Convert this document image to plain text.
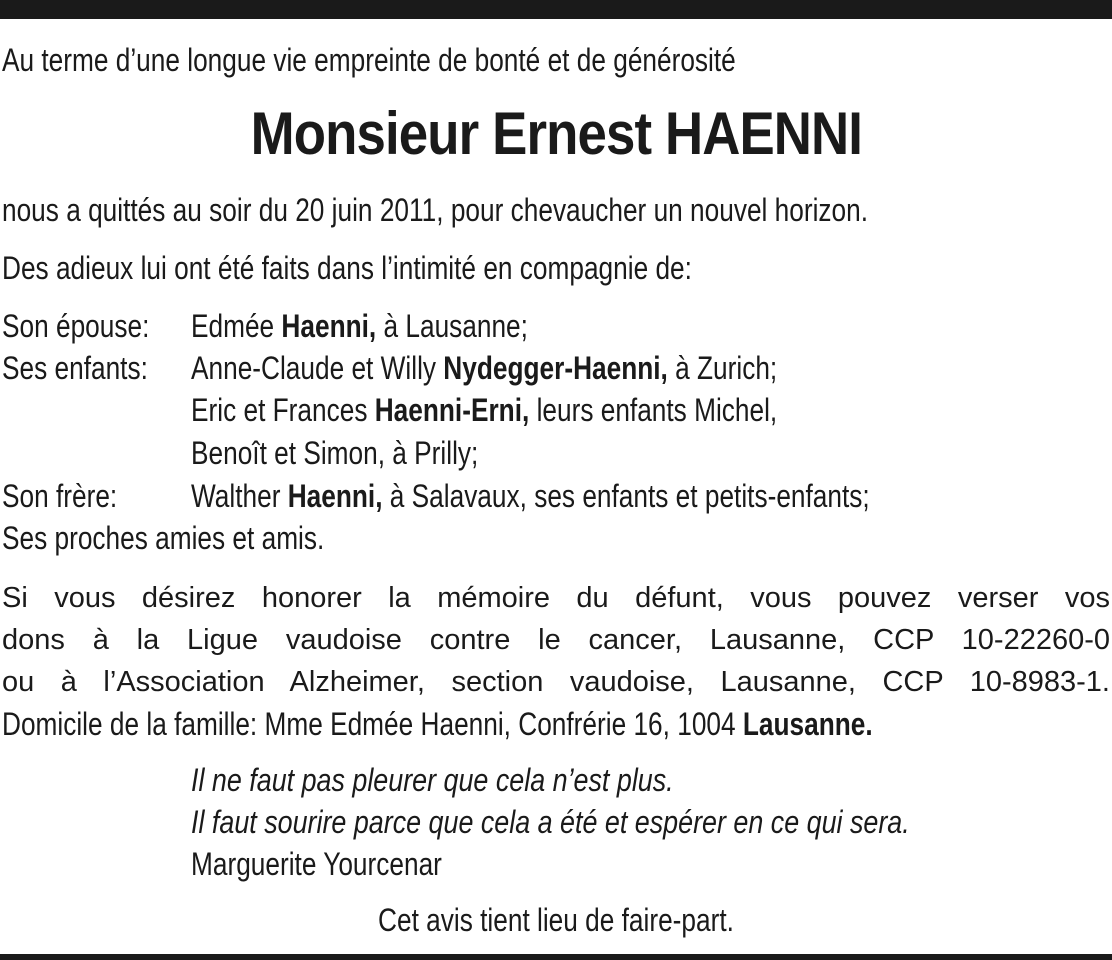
Au terme d’une longue vie empreinte de bonté et de générosité
Monsieur Ernest HAENNI
nous a quittés au soir du 20 juin 2011, pour chevaucher un nouvel horizon.
Des adieux lui ont été faits dans l’intimité en compagnie de:
Son épouse: Edmée Haenni, à Lausanne;
Ses enfants: Anne-Claude et Willy Nydegger-Haenni, à Zurich;
Eric et Frances Haenni-Erni, leurs enfants Michel,
Benoît et Simon, à Prilly;
Son frère: Walther Haenni, à Salavaux, ses enfants et petits-enfants;
Ses proches amies et amis.
Si vous désirez honorer la mémoire du défunt, vous pouvez verser vos
dons à la Ligue vaudoise contre le cancer, Lausanne, CCP 10-22260-0
ou à l’Association Alzheimer, section vaudoise, Lausanne, CCP 10-8983-1.
Domicile de la famille: Mme Edmée Haenni, Confrérie 16, 1004 Lausanne.
Il ne faut pas pleurer que cela n’est plus.
Il faut sourire parce que cela a été et espérer en ce qui sera.
Marguerite Yourcenar
Cet avis tient lieu de faire-part.
